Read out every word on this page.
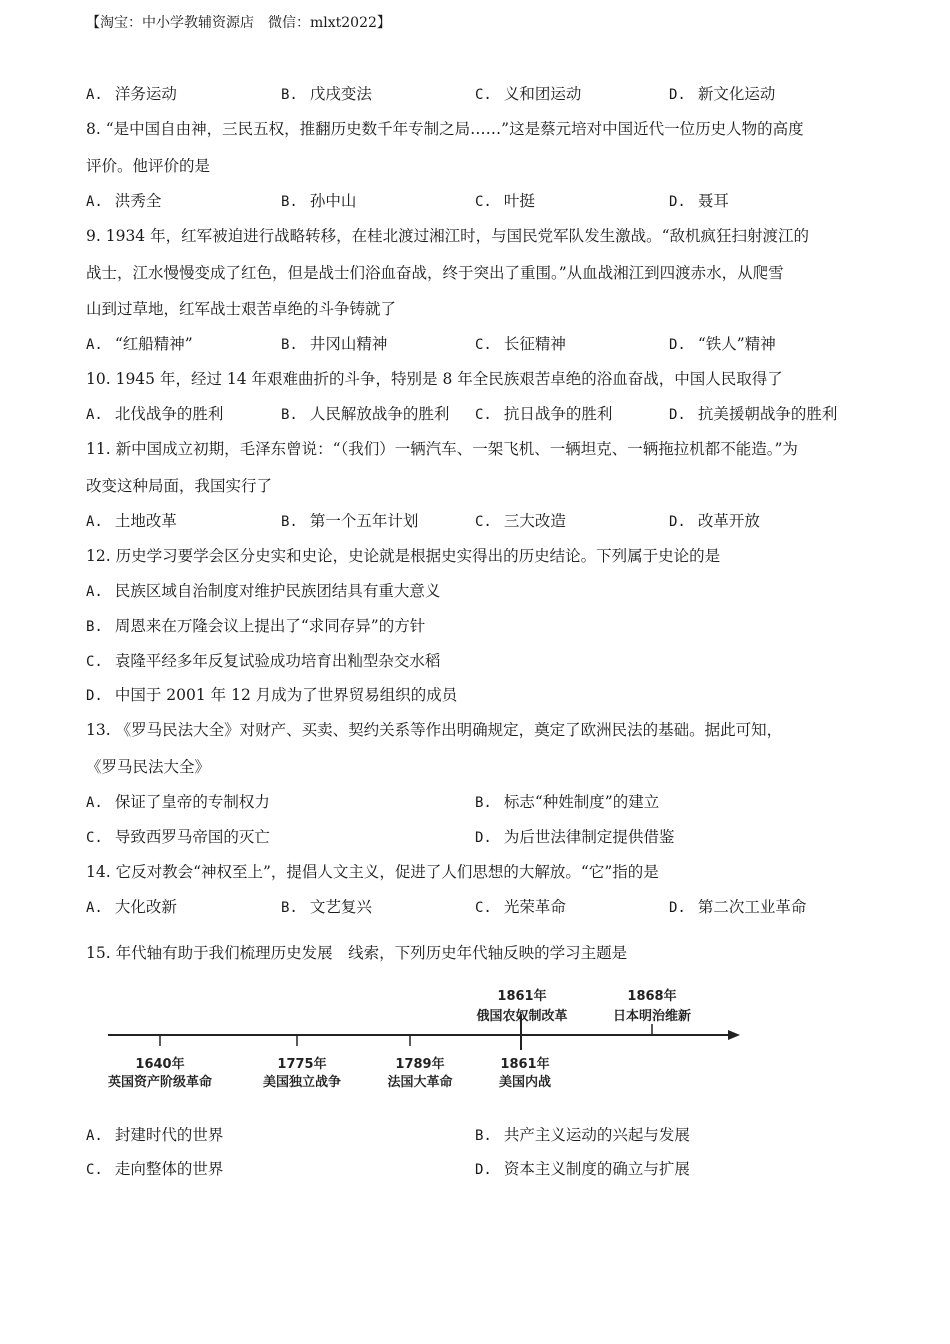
【淘宝：中小学教辅资源店　微信：mlxt2022】
A. 洋务运动	B. 戊戌变法	C. 义和团运动	D. 新文化运动
8. “是中国自由神，三民五权，推翻历史数千年专制之局……”这是蔡元培对中国近代一位历史人物的高度
评价。他评价的是
A. 洪秀全	B. 孙中山	C. 叶挺	D. 聂耳
9. 1934 年，红军被迫进行战略转移，在桂北渡过湘江时，与国民党军队发生激战。“敌机疯狂扫射渡江的
战士，江水慢慢变成了红色，但是战士们浴血奋战，终于突出了重围。”从血战湘江到四渡赤水，从爬雪
山到过草地，红军战士艰苦卓绝的斗争铸就了
A. “红船精神”	B. 井冈山精神	C. 长征精神	D. “铁人”精神
10. 1945 年，经过 14 年艰难曲折的斗争，特别是 8 年全民族艰苦卓绝的浴血奋战，中国人民取得了
A. 北伐战争的胜利	B. 人民解放战争的胜利 C. 抗日战争的胜利	D. 抗美援朝战争的胜利
11. 新中国成立初期，毛泽东曾说：“（我们）一辆汽车、一架飞机、一辆坦克、一辆拖拉机都不能造。”为
改变这种局面，我国实行了
A. 土地改革	B. 第一个五年计划	C. 三大改造	D. 改革开放
12. 历史学习要学会区分史实和史论，史论就是根据史实得出的历史结论。下列属于史论的是
A. 民族区域自治制度对维护民族团结具有重大意义
B. 周恩来在万隆会议上提出了“求同存异”的方针
C. 袁隆平经多年反复试验成功培育出籼型杂交水稻
D. 中国于 2001 年 12 月成为了世界贸易组织的成员
13. 《罗马民法大全》对财产、买卖、契约关系等作出明确规定，奠定了欧洲民法的基础。据此可知，
《罗马民法大全》
A. 保证了皇帝的专制权力	B. 标志“种姓制度”的建立
C. 导致西罗马帝国的灭亡	D. 为后世法律制定提供借鉴
14. 它反对教会“神权至上”，提倡人文主义，促进了人们思想的大解放。“它”指的是
A. 大化改新	B. 文艺复兴	C. 光荣革命	D. 第二次工业革命
15. 年代轴有助于我们梳理历史发展　线索，下列历史年代轴反映的学习主题是
1861年
俄国农奴制改革
1868年
日本明治维新
1640年
英国资产阶级革命
1775年
美国独立战争
1789年
法国大革命
1861年
美国内战
A. 封建时代的世界	B. 共产主义运动的兴起与发展
C. 走向整体的世界	D. 资本主义制度的确立与扩展
